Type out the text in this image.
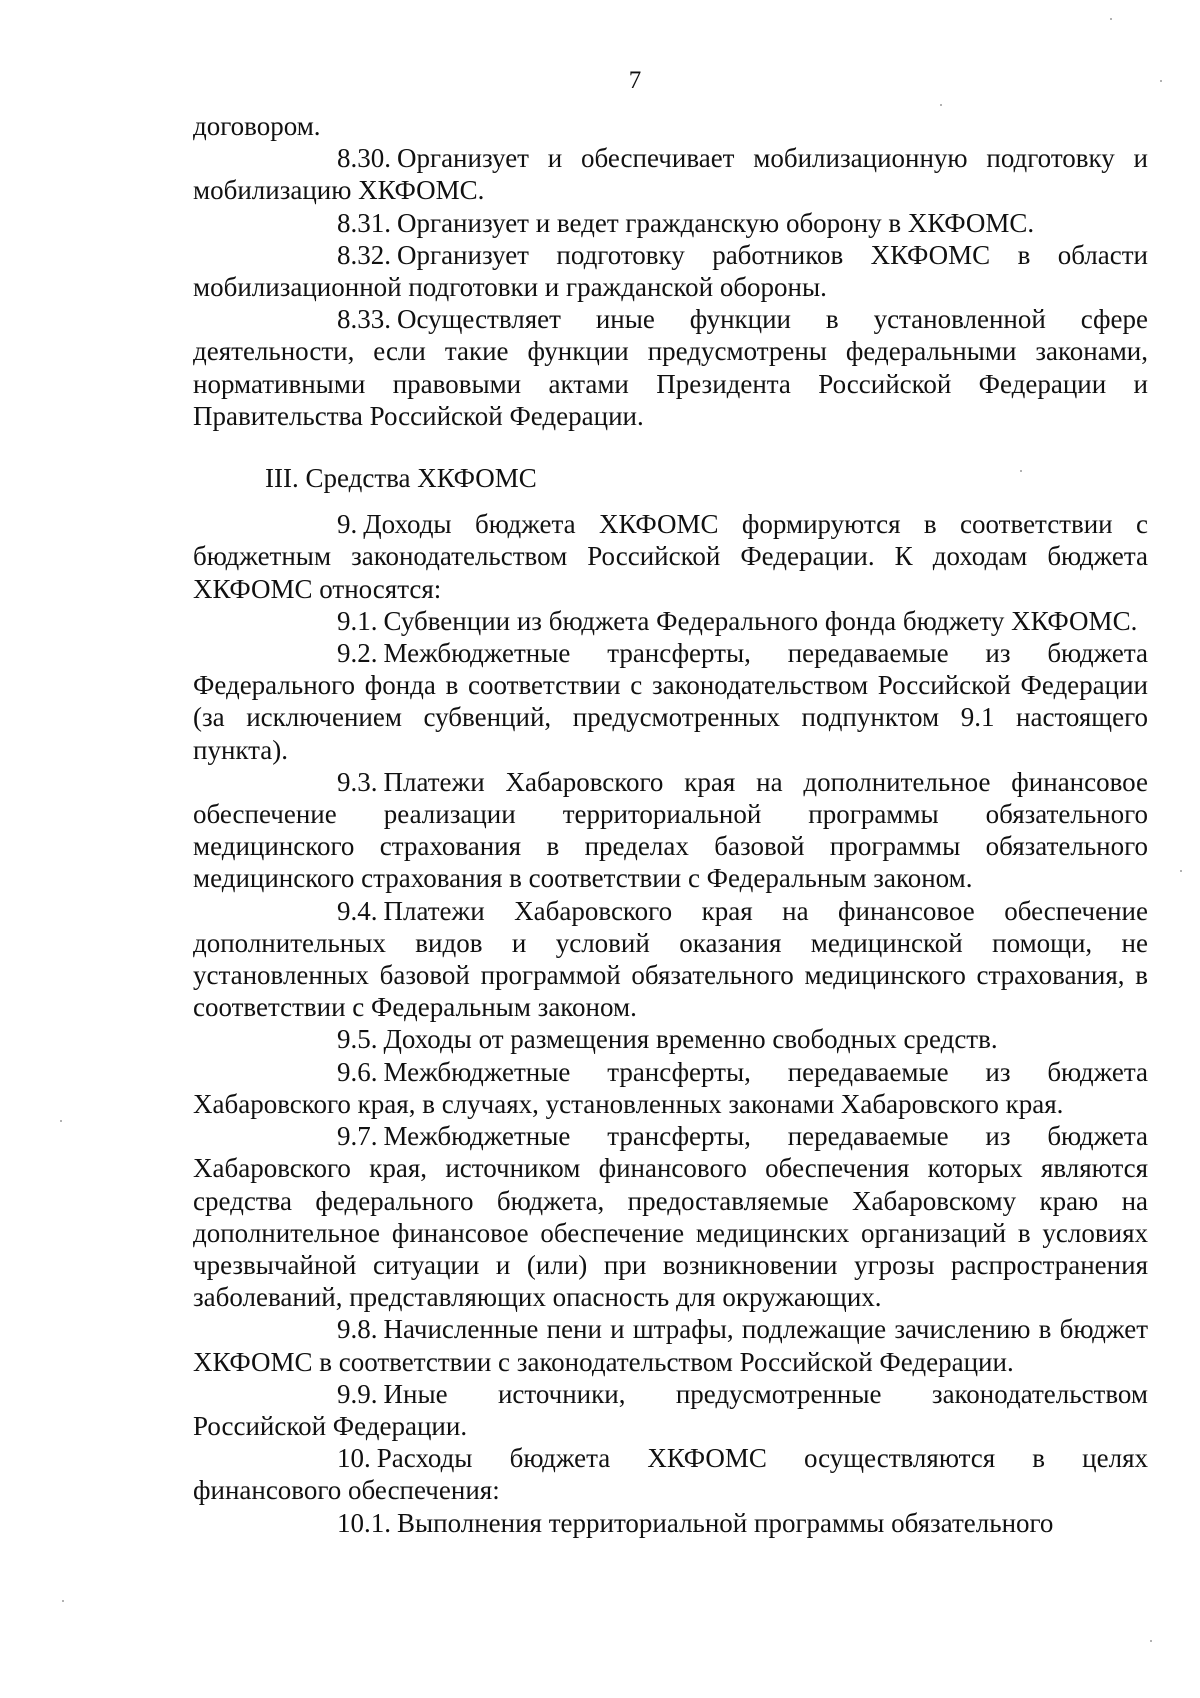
7

договором.

8.30. Организует и обеспечивает мобилизационную подготовку и мобилизацию ХКФОМС.

8.31. Организует и ведет гражданскую оборону в ХКФОМС.

8.32. Организует подготовку работников ХКФОМС в области мобилизационной подготовки и гражданской обороны.

8.33. Осуществляет иные функции в установленной сфере деятельности, если такие функции предусмотрены федеральными законами, нормативными правовыми актами Президента Российской Федерации и Правительства Российской Федерации.

III. Средства ХКФОМС

9. Доходы бюджета ХКФОМС формируются в соответствии с бюджетным законодательством Российской Федерации. К доходам бюджета ХКФОМС относятся:

9.1. Субвенции из бюджета Федерального фонда бюджету ХКФОМС.

9.2. Межбюджетные трансферты, передаваемые из бюджета Федерального фонда в соответствии с законодательством Российской Федерации (за исключением субвенций, предусмотренных подпунктом 9.1 настоящего пункта).

9.3. Платежи Хабаровского края на дополнительное финансовое обеспечение реализации территориальной программы обязательного медицинского страхования в пределах базовой программы обязательного медицинского страхования в соответствии с Федеральным законом.

9.4. Платежи Хабаровского края на финансовое обеспечение дополнительных видов и условий оказания медицинской помощи, не установленных базовой программой обязательного медицинского страхования, в соответствии с Федеральным законом.

9.5. Доходы от размещения временно свободных средств.

9.6. Межбюджетные трансферты, передаваемые из бюджета Хабаровского края, в случаях, установленных законами Хабаровского края.

9.7. Межбюджетные трансферты, передаваемые из бюджета Хабаровского края, источником финансового обеспечения которых являются средства федерального бюджета, предоставляемые Хабаровскому краю на дополнительное финансовое обеспечение медицинских организаций в условиях чрезвычайной ситуации и (или) при возникновении угрозы распространения заболеваний, представляющих опасность для окружающих.

9.8. Начисленные пени и штрафы, подлежащие зачислению в бюджет ХКФОМС в соответствии с законодательством Российской Федерации.

9.9. Иные источники, предусмотренные законодательством Российской Федерации.

10. Расходы бюджета ХКФОМС осуществляются в целях финансового обеспечения:

10.1. Выполнения территориальной программы обязательного
